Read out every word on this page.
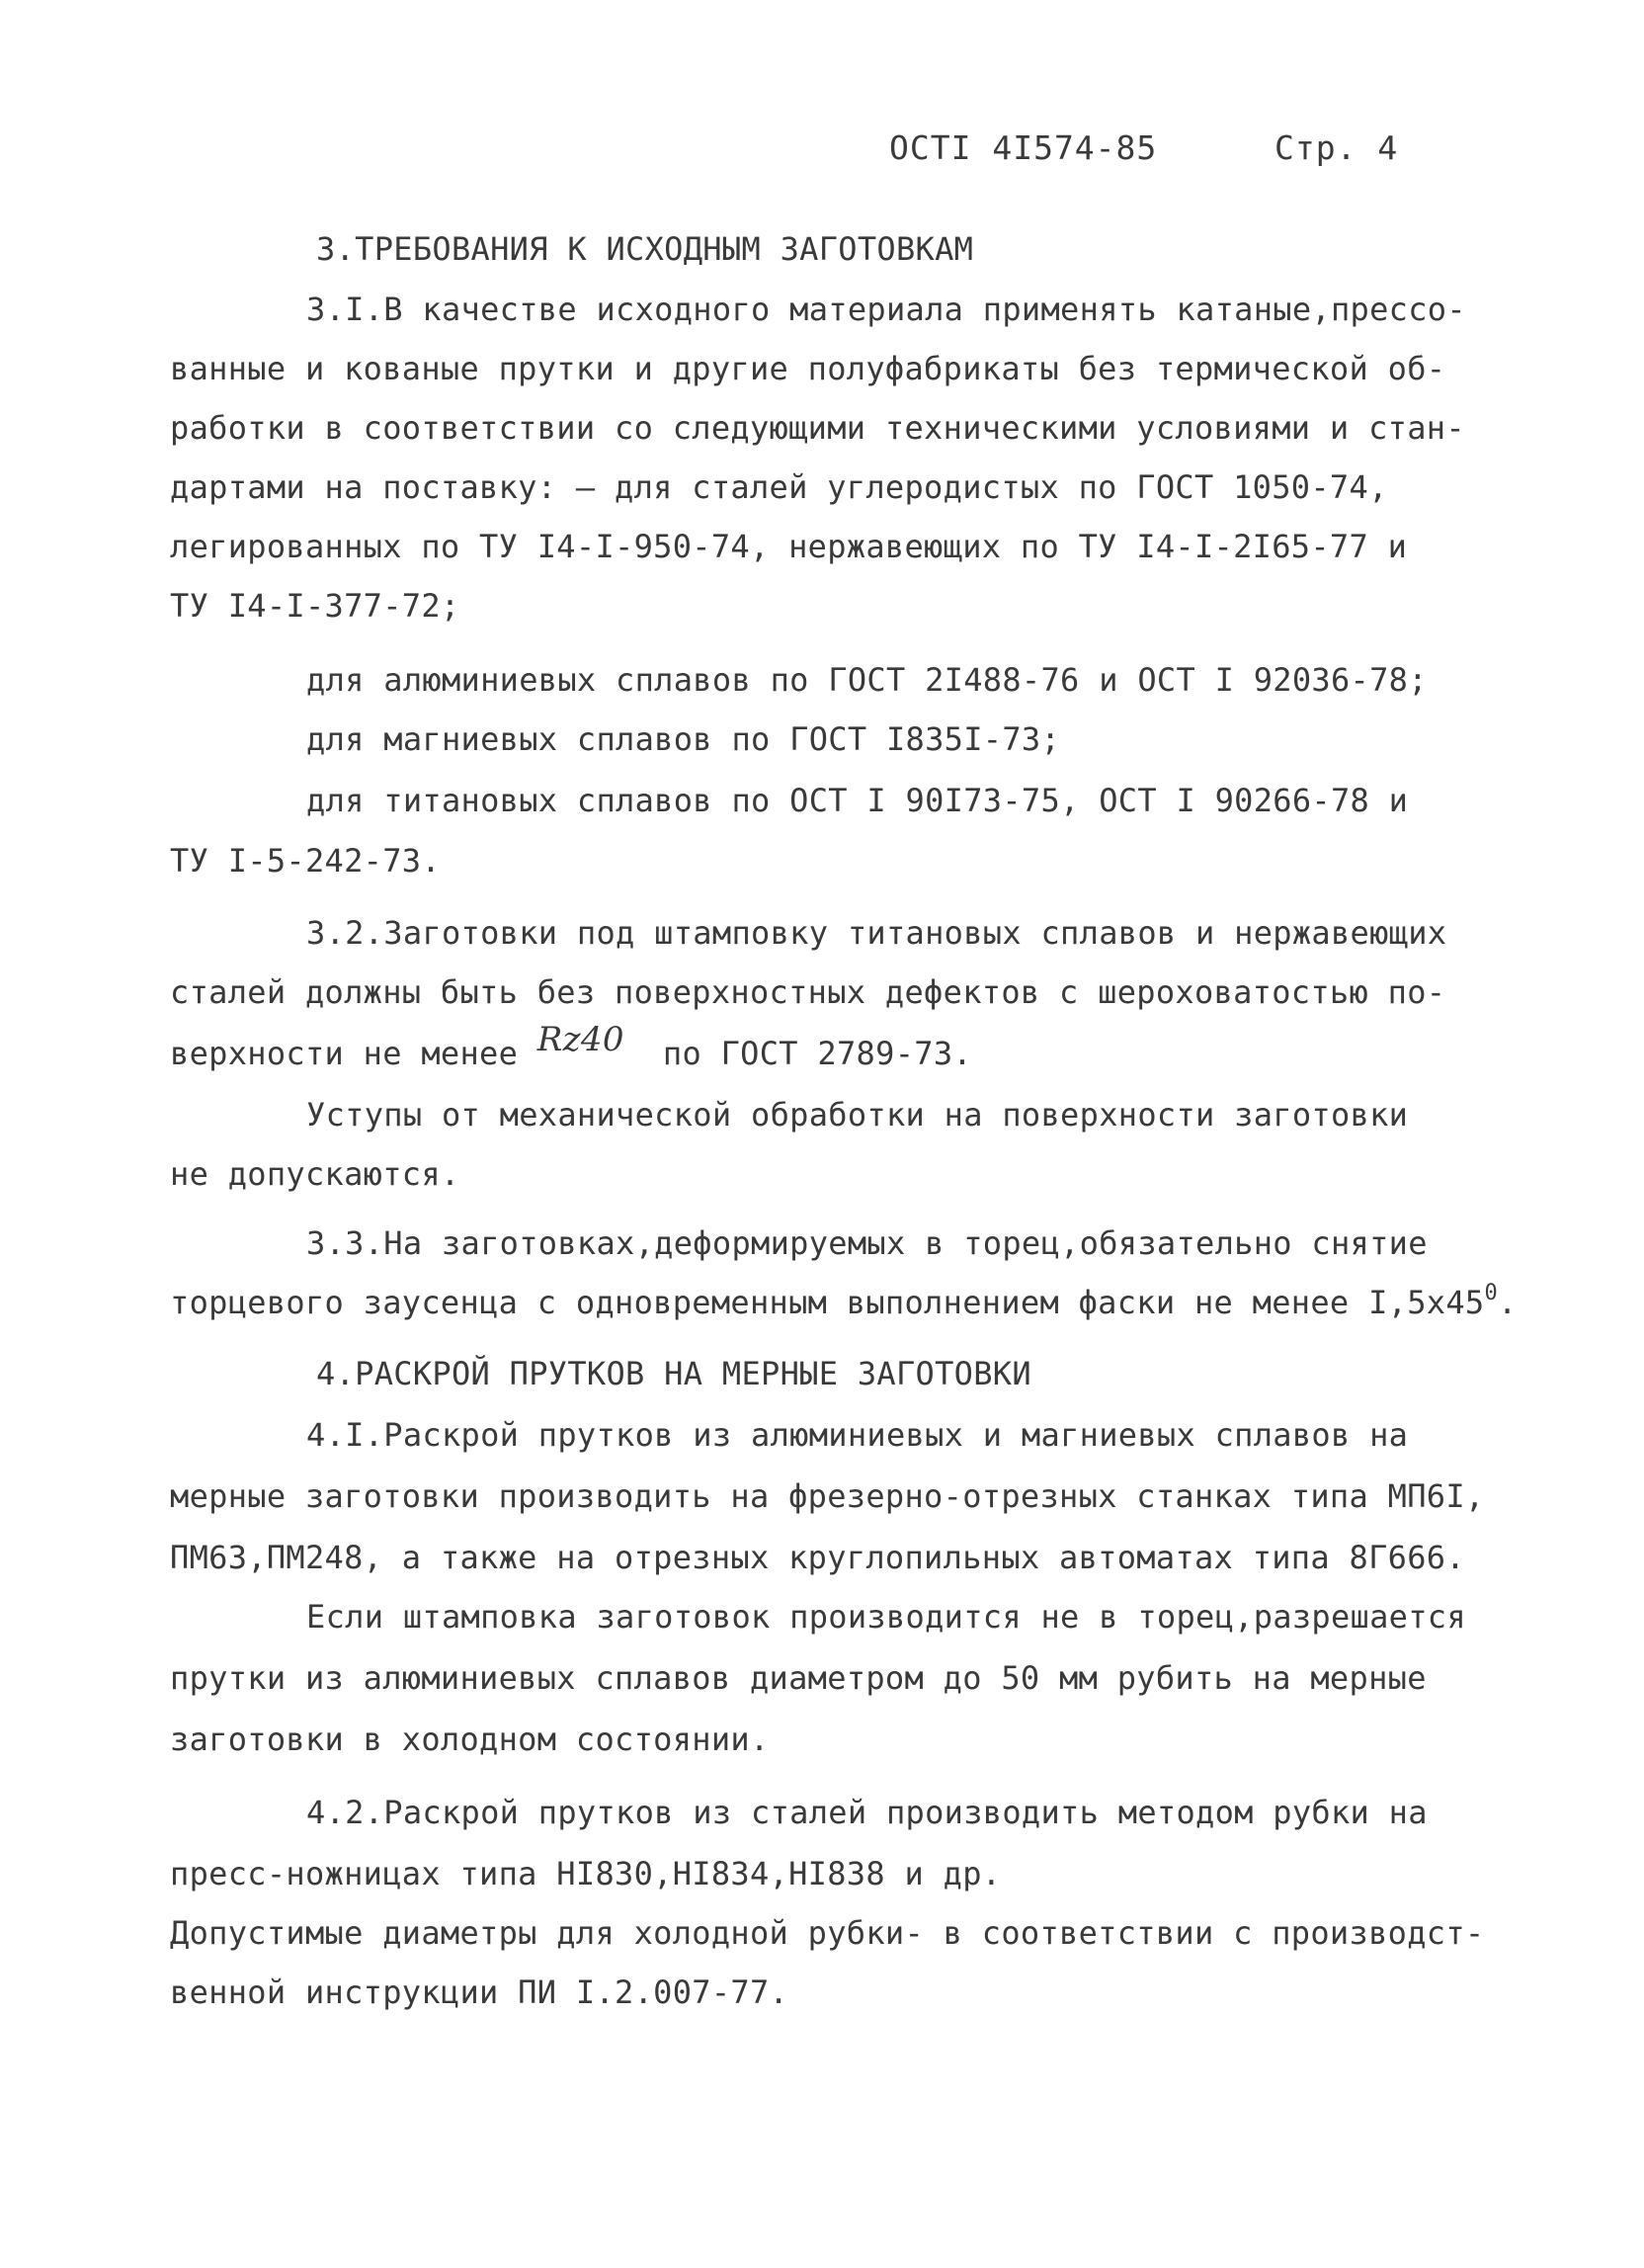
ОСТI 4I574-85	Стр. 4
3.ТРЕБОВАНИЯ К ИСХОДНЫМ ЗАГОТОВКАМ
3.I.В качестве исходного материала применять катаные,прессо-
ванные и кованые прутки и другие полуфабрикаты без термической об-
работки в соответствии со следующими техническими условиями и стан-
дартами на поставку: – для сталей углеродистых по ГОСТ 1050-74,
легированных по ТУ I4-I-950-74, нержавеющих по ТУ I4-I-2I65-77 и
ТУ I4-I-377-72;
для алюминиевых сплавов по ГОСТ 2I488-76 и ОСТ I 92036-78;
для магниевых сплавов по ГОСТ I835I-73;
для титановых сплавов по ОСТ I 90I73-75, ОСТ I 90266-78 и
ТУ I-5-242-73.
3.2.Заготовки под штамповку титановых сплавов и нержавеющих
сталей должны быть без поверхностных дефектов с шероховатостью по-
верхности не менее Rz40 по ГОСТ 2789-73.
Уступы от механической обработки на поверхности заготовки
не допускаются.
3.3.На заготовках,деформируемых в торец,обязательно снятие
торцевого заусенца с одновременным выполнением фаски не менее $I,5х45^0$.
4.РАСКРОЙ ПРУТКОВ НА МЕРНЫЕ ЗАГОТОВКИ
4.I.Раскрой прутков из алюминиевых и магниевых сплавов на
мерные заготовки производить на фрезерно-отрезных станках типа МП6I,
ПМ63,ПМ248, а также на отрезных круглопильных автоматах типа 8Г666.
Если штамповка заготовок производится не в торец,разрешается
прутки из алюминиевых сплавов диаметром до 50 мм рубить на мерные
заготовки в холодном состоянии.
4.2.Раскрой прутков из сталей производить методом рубки на
пресс-ножницах типа НI830,НI834,НI838 и др.
Допустимые диаметры для холодной рубки- в соответствии с производст-
венной инструкции ПИ I.2.007-77.
